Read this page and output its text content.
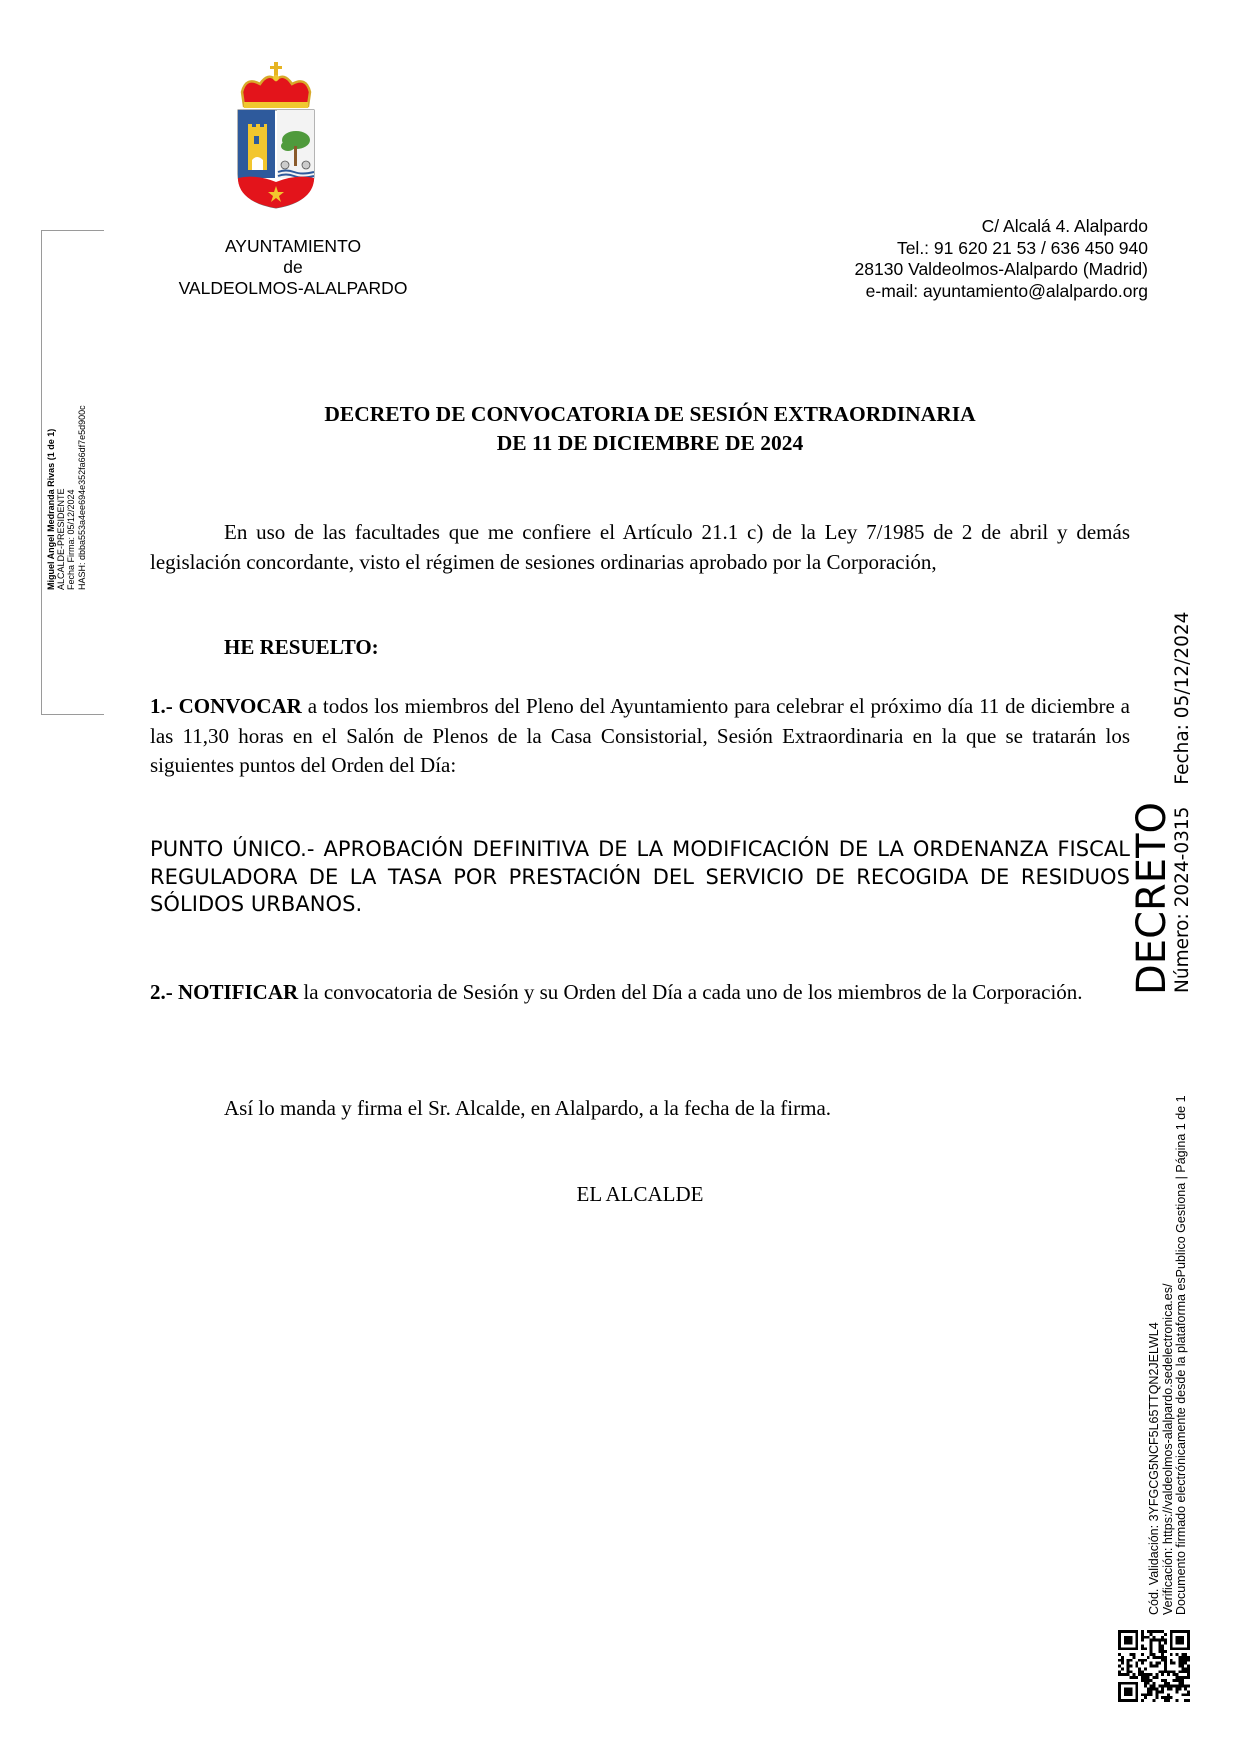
AYUNTAMIENTO
de
VALDEOLMOS-ALALPARDO
C/ Alcalá 4. Alalpardo
Tel.: 91 620 21 53 / 636 450 940
28130 Valdeolmos-Alalpardo (Madrid)
e-mail: ayuntamiento@alalpardo.org
Miguel Angel Medranda Rivas (1 de 1) ALCALDE-PRESIDENTE Fecha Firma: 05/12/2024 HASH: dbba553a4ee694e352fa66df7e5d900c	DECRETO DE CONVOCATORIA DE SESIÓN EXTRAORDINARIA
DE 11 DE DICIEMBRE DE 2024
En uso de las facultades que me confiere el Artículo 21.1 c) de la Ley 7/1985 de 2 de abril y demás legislación concordante, visto el régimen de sesiones ordinarias aprobado por la Corporación,
HE RESUELTO:
1.- CONVOCAR a todos los miembros del Pleno del Ayuntamiento para celebrar el próximo día 11 de diciembre a las 11,30 horas en el Salón de Plenos de la Casa Consistorial, Sesión Extraordinaria en la que se tratarán los siguientes puntos del Orden del Día:
PUNTO ÚNICO.- APROBACIÓN DEFINITIVA DE LA MODIFICACIÓN DE LA ORDENANZA FISCAL REGULADORA DE LA TASA POR PRESTACIÓN DEL SERVICIO DE RECOGIDA DE RESIDUOS SÓLIDOS URBANOS.
2.- NOTIFICAR la convocatoria de Sesión y su Orden del Día a cada uno de los miembros de la Corporación.
Así lo manda y firma el Sr. Alcalde, en Alalpardo, a la fecha de la firma.
EL ALCALDE
DECRETO
Número: 2024-0315Fecha: 05/12/2024
Cód. Validación: 3YFGCG5NCF5L65TTQN2JELWL4 Verificación: https://valdeolmos-alalpardo.sedelectronica.es/ Documento firmado electrónicamente desde la plataforma esPublico Gestiona | Página 1 de 1
